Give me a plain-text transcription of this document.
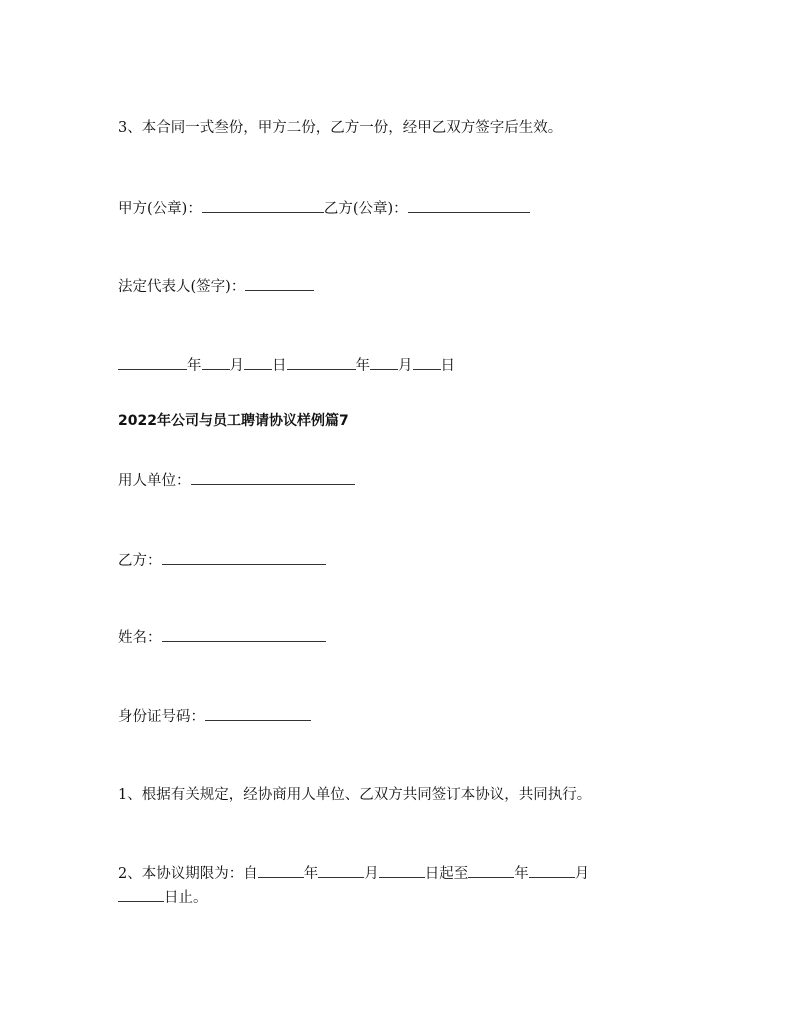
3、本合同一式叁份，甲方二份，乙方一份，经甲乙双方签字后生效。
甲方(公章)：	乙方(公章)：
法定代表人(签字)：
年 月 日	年 月 日
2022年公司与员工聘请协议样例篇7
用人单位：
乙方：
姓名：
身份证号码：
1、根据有关规定，经协商用人单位、乙双方共同签订本协议，共同执行。
2、本协议期限为：自	年	月	日起至	年	月
日止。
